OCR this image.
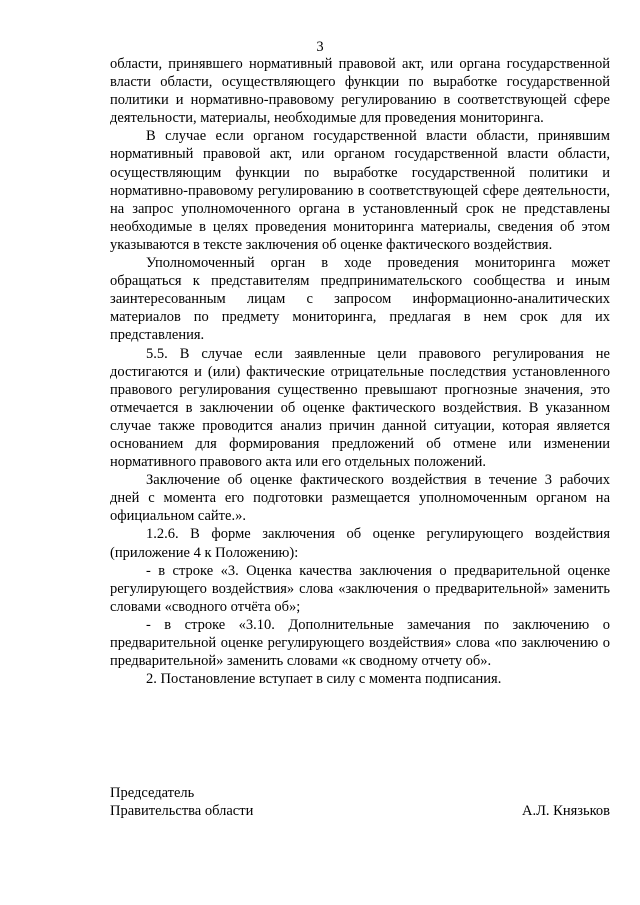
3

области, принявшего нормативный правовой акт, или органа государственной власти области, осуществляющего функции по выработке государственной политики и нормативно-правовому регулированию в соответствующей сфере деятельности, материалы, необходимые для проведения мониторинга.

В случае если органом государственной власти области, принявшим нормативный правовой акт, или органом государственной власти области, осуществляющим функции по выработке государственной политики и нормативно-правовому регулированию в соответствующей сфере деятельности, на запрос уполномоченного органа в установленный срок не представлены необходимые в целях проведения мониторинга материалы, сведения об этом указываются в тексте заключения об оценке фактического воздействия.

Уполномоченный орган в ходе проведения мониторинга может обращаться к представителям предпринимательского сообщества и иным заинтересованным лицам с запросом информационно-аналитических материалов по предмету мониторинга, предлагая в нем срок для их представления.

5.5. В случае если заявленные цели правового регулирования не достигаются и (или) фактические отрицательные последствия установленного правового регулирования существенно превышают прогнозные значения, это отмечается в заключении об оценке фактического воздействия. В указанном случае также проводится анализ причин данной ситуации, которая является основанием для формирования предложений об отмене или изменении нормативного правового акта или его отдельных положений.

Заключение об оценке фактического воздействия в течение 3 рабочих дней с момента его подготовки размещается уполномоченным органом на официальном сайте.».

1.2.6. В форме заключения об оценке регулирующего воздействия (приложение 4 к Положению):

- в строке «3. Оценка качества заключения о предварительной оценке регулирующего воздействия» слова «заключения о предварительной» заменить словами «сводного отчёта об»;

- в строке «3.10. Дополнительные замечания по заключению о предварительной оценке регулирующего воздействия» слова «по заключению о предварительной» заменить словами «к сводному отчету об».

2. Постановление вступает в силу с момента подписания.

Председатель
Правительства области	А.Л. Князьков
